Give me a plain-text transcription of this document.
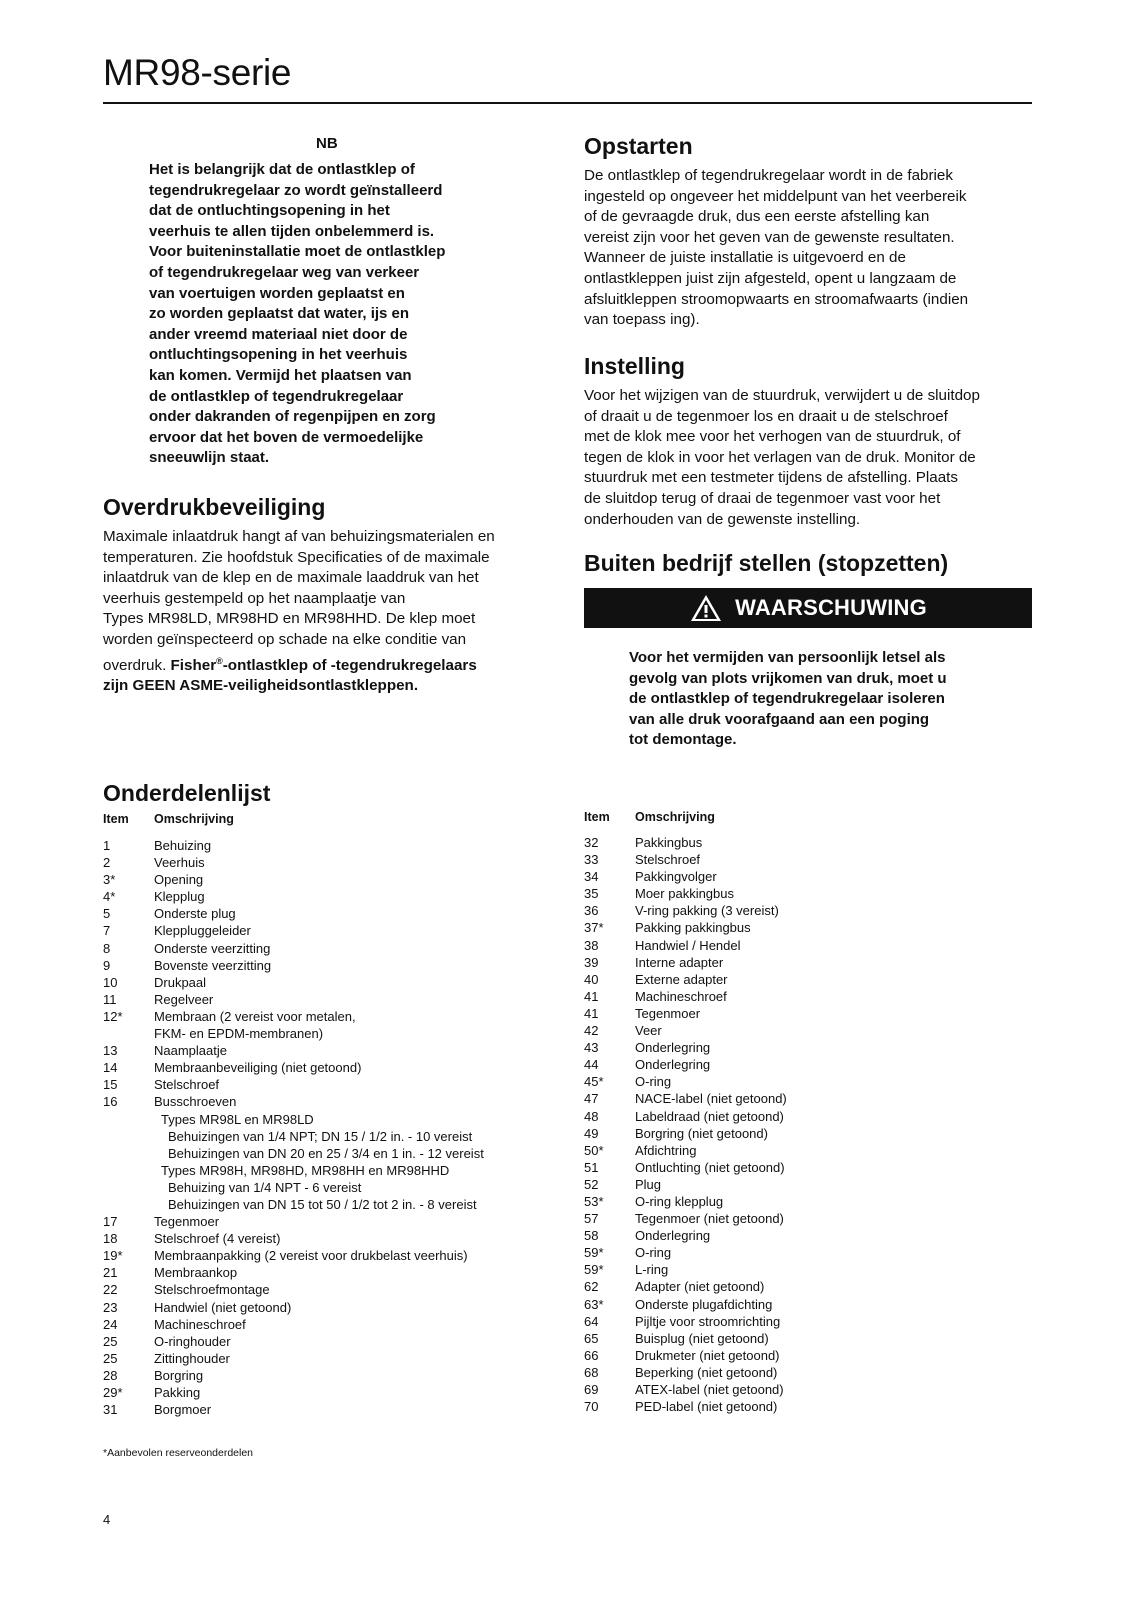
MR98-serie
NB

Het is belangrijk dat de ontlastklep of

tegendrukregelaar zo wordt geïnstalleerd

dat de ontluchtingsopening in het

veerhuis te allen tijden onbelemmerd is.

Voor buiteninstallatie moet de ontlastklep

of tegendrukregelaar weg van verkeer

van voertuigen worden geplaatst en

zo worden geplaatst dat water, ijs en

ander vreemd materiaal niet door de

ontluchtingsopening in het veerhuis

kan komen. Vermijd het plaatsen van

de ontlastklep of tegendrukregelaar

onder dakranden of regenpijpen en zorg

ervoor dat het boven de vermoedelijke

sneeuwlijn staat.

Overdrukbeveiliging

Maximale inlaatdruk hangt af van behuizingsmaterialen en

temperaturen. Zie hoofdstuk Specificaties of de maximale

inlaatdruk van de klep en de maximale laaddruk van het

veerhuis gestempeld op het naamplaatje van

Types MR98LD, MR98HD en MR98HHD. De klep moet

worden geïnspecteerd op schade na elke conditie van

overdruk. Fisher®-ontlastklep of -tegendrukregelaars

zijn GEEN ASME-veiligheidsontlastkleppen.

Opstarten

De ontlastklep of tegendrukregelaar wordt in de fabriek

ingesteld op ongeveer het middelpunt van het veerbereik

of de gevraagde druk, dus een eerste afstelling kan

vereist zijn voor het geven van de gewenste resultaten.

Wanneer de juiste installatie is uitgevoerd en de

ontlastkleppen juist zijn afgesteld, opent u langzaam de

afsluitkleppen stroomopwaarts en stroomafwaarts (indien

van toepass ing).

Instelling

Voor het wijzigen van de stuurdruk, verwijdert u de sluitdop

of draait u de tegenmoer los en draait u de stelschroef

met de klok mee voor het verhogen van de stuurdruk, of

tegen de klok in voor het verlagen van de druk. Monitor de

stuurdruk met een testmeter tijdens de afstelling. Plaats

de sluitdop terug of draai de tegenmoer vast voor het

onderhouden van de gewenste instelling.

Buiten bedrijf stellen (stopzetten)
WAARSCHUWING

Voor het vermijden van persoonlijk letsel als

gevolg van plots vrijkomen van druk, moet u

de ontlastklep of tegendrukregelaar isoleren

van alle druk voorafgaand aan een poging

tot demontage.

Onderdelenlijst
Item Omschrijving	Item Omschrijving
1	Behuizing
2	Veerhuis
3*	Opening
4*	Klepplug
5	Onderste plug
7	Kleppluggeleider
8	Onderste veerzitting
9	Bovenste veerzitting
10	Drukpaal
11	Regelveer
12* Membraan (2 vereist voor metalen,
FKM- en EPDM-membranen)
13	Naamplaatje
14	Membraanbeveiliging (niet getoond)
15	Stelschroef
16	Busschroeven
Types MR98L en MR98LD
Behuizingen van 1/4 NPT; DN 15 / 1/2 in. - 10 vereist
Behuizingen van DN 20 en 25 / 3/4 en 1 in. - 12 vereist
Types MR98H, MR98HD, MR98HH en MR98HHD
Behuizing van 1/4 NPT - 6 vereist
Behuizingen van DN 15 tot 50 / 1/2 tot 2 in. - 8 vereist
17	Tegenmoer
18	Stelschroef (4 vereist)
19* Membraanpakking (2 vereist voor drukbelast veerhuis)
21	Membraankop
22	Stelschroefmontage
23	Handwiel (niet getoond)
24	Machineschroef
25	O-ringhouder
25	Zittinghouder
28	Borgring
29* Pakking
31	Borgmoer
32	Pakkingbus
33	Stelschroef
34	Pakkingvolger
35	Moer pakkingbus
36	V-ring pakking (3 vereist)
37* Pakking pakkingbus
38	Handwiel / Hendel
39	Interne adapter
40	Externe adapter
41	Machineschroef
41	Tegenmoer
42	Veer
43	Onderlegring
44	Onderlegring
45* O-ring
47	NACE-label (niet getoond)
48	Labeldraad (niet getoond)
49	Borgring (niet getoond)
50* Afdichtring
51	Ontluchting (niet getoond)
52	Plug
53* O-ring klepplug
57	Tegenmoer (niet getoond)
58	Onderlegring
59* O-ring
59* L-ring
62	Adapter (niet getoond)
63* Onderste plugafdichting
64	Pijltje voor stroomrichting
65	Buisplug (niet getoond)
66	Drukmeter (niet getoond)
68	Beperking (niet getoond)
69	ATEX-label (niet getoond)
70	PED-label (niet getoond)
*Aanbevolen reserveonderdelen
4
